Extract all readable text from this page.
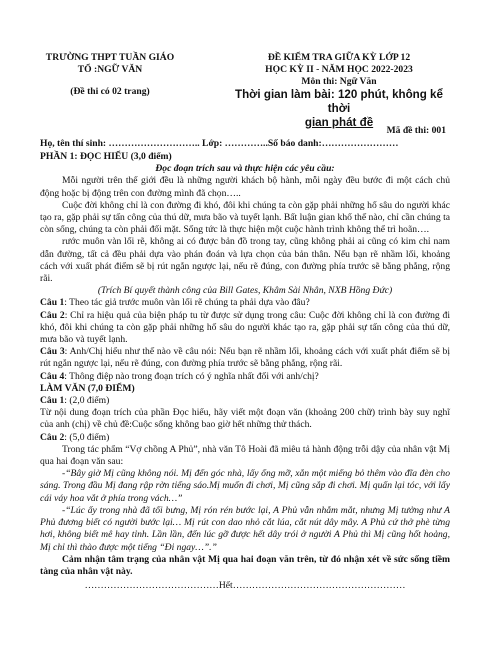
TRƯỜNG THPT TUẦN GIÁO
TỔ :NGỮ VĂN
(Đề thi có 02 trang)
ĐỀ KIỂM TRA GIỮA KỲ LỚP 12
HỌC KỲ II - NĂM HỌC 2022-2023
Môn thi: Ngữ Văn
Thời gian làm bài: 120 phút, không kể thời
gian phát đề
Mã đề thi: 001
Họ, tên thí sinh: ……………………….. Lớp: …………..Số báo danh:……………………

PHẦN 1: ĐỌC HIỂU (3,0 điểm)

Đọc đoạn trích sau và thực hiện các yêu cầu:

Mỗi người trên thế giới đều là những người khách bộ hành, mỗi ngày đều bước đi một cách chủ động hoặc bị động trên con đường mình đã chọn…..

Cuộc đời không chỉ là con đường đi khó, đôi khi chúng ta còn gặp phải những hố sâu do người khác tạo ra, gặp phải sự tấn công của thú dữ, mưa bão và tuyết lạnh. Bất luận gian khổ thế nào, chỉ cần chúng ta còn sống, chúng ta còn phải đối mặt. Sống tức là thực hiện một cuộc hành trình không thể trì hoãn….

rước muôn vàn lối rẽ, không ai có được bản đồ trong tay, cũng không phải ai cũng có kim chỉ nam dẫn đường, tất cả đều phải dựa vào phán đoán và lựa chọn của bản thân. Nếu bạn rẽ nhầm lối, khoảng cách với xuất phát điểm sẽ bị rút ngắn ngược lại, nếu rẽ đúng, con đường phía trước sẽ bằng phẳng, rộng rãi.

(Trích Bí quyết thành công của Bill Gates, Khâm Sài Nhân, NXB Hồng Đức)

Câu 1: Theo tác giả trước muôn vàn lối rẽ chúng ta phải dựa vào đâu?

Câu 2: Chỉ ra hiệu quả của biện pháp tu từ được sử dụng trong câu: Cuộc đời không chỉ là con đường đi khó, đôi khi chúng ta còn gặp phải những hố sâu do người khác tạo ra, gặp phải sự tấn công của thú dữ, mưa bão và tuyết lạnh.

Câu 3: Anh/Chị hiểu như thế nào về câu nói: Nếu bạn rẽ nhầm lối, khoảng cách với xuất phát điểm sẽ bị rút ngắn ngược lại, nếu rẽ đúng, con đường phía trước sẽ bằng phẳng, rộng rãi.

Câu 4: Thông điệp nào trong đoạn trích có ý nghĩa nhất đối với anh/chị?

LÀM VĂN (7,0 ĐIỂM)

Câu 1: (2,0 điểm)

Từ nội dung đoạn trích của phần Đọc hiểu, hãy viết một đoạn văn (khoảng 200 chữ) trình bày suy nghĩ của anh (chị) về chủ đề:Cuộc sống không bao giờ hết những thử thách.

Câu 2: (5,0 điểm)

Trong tác phẩm “Vợ chồng A Phủ”, nhà văn Tô Hoài đã miêu tả hành động trỗi dậy của nhân vật Mị qua hai đoạn văn sau:

-“Bây giờ Mị cũng không nói. Mị đến góc nhà, lấy ống mỡ, xắn một miếng bỏ thêm vào đĩa đèn cho sáng. Trong đầu Mị đang rập rờn tiếng sáo.Mị muốn đi chơi, Mị cũng sắp đi chơi. Mị quấn lại tóc, với lấy cái váy hoa vắt ở phía trong vách…”

-“Lúc ấy trong nhà đã tối bưng, Mị rón rén bước lại, A Phủ vẫn nhắm mắt, nhưng Mị tưởng như A Phủ đương biết có người bước lại… Mị rút con dao nhỏ cắt lúa, cắt nút dây mây. A Phủ cứ thở phè từng hơi, không biết mê hay tỉnh. Lần lần, đến lúc gỡ được hết dây trói ở người A Phủ thì Mị cũng hốt hoảng, Mị chỉ thì thào được một tiếng “Đi ngay…”.”

Cảm nhận tâm trạng của nhân vật Mị qua hai đoạn văn trên, từ đó nhận xét về sức sống tiềm tàng của nhân vật này.

……………………………………Hết………………………………………………
